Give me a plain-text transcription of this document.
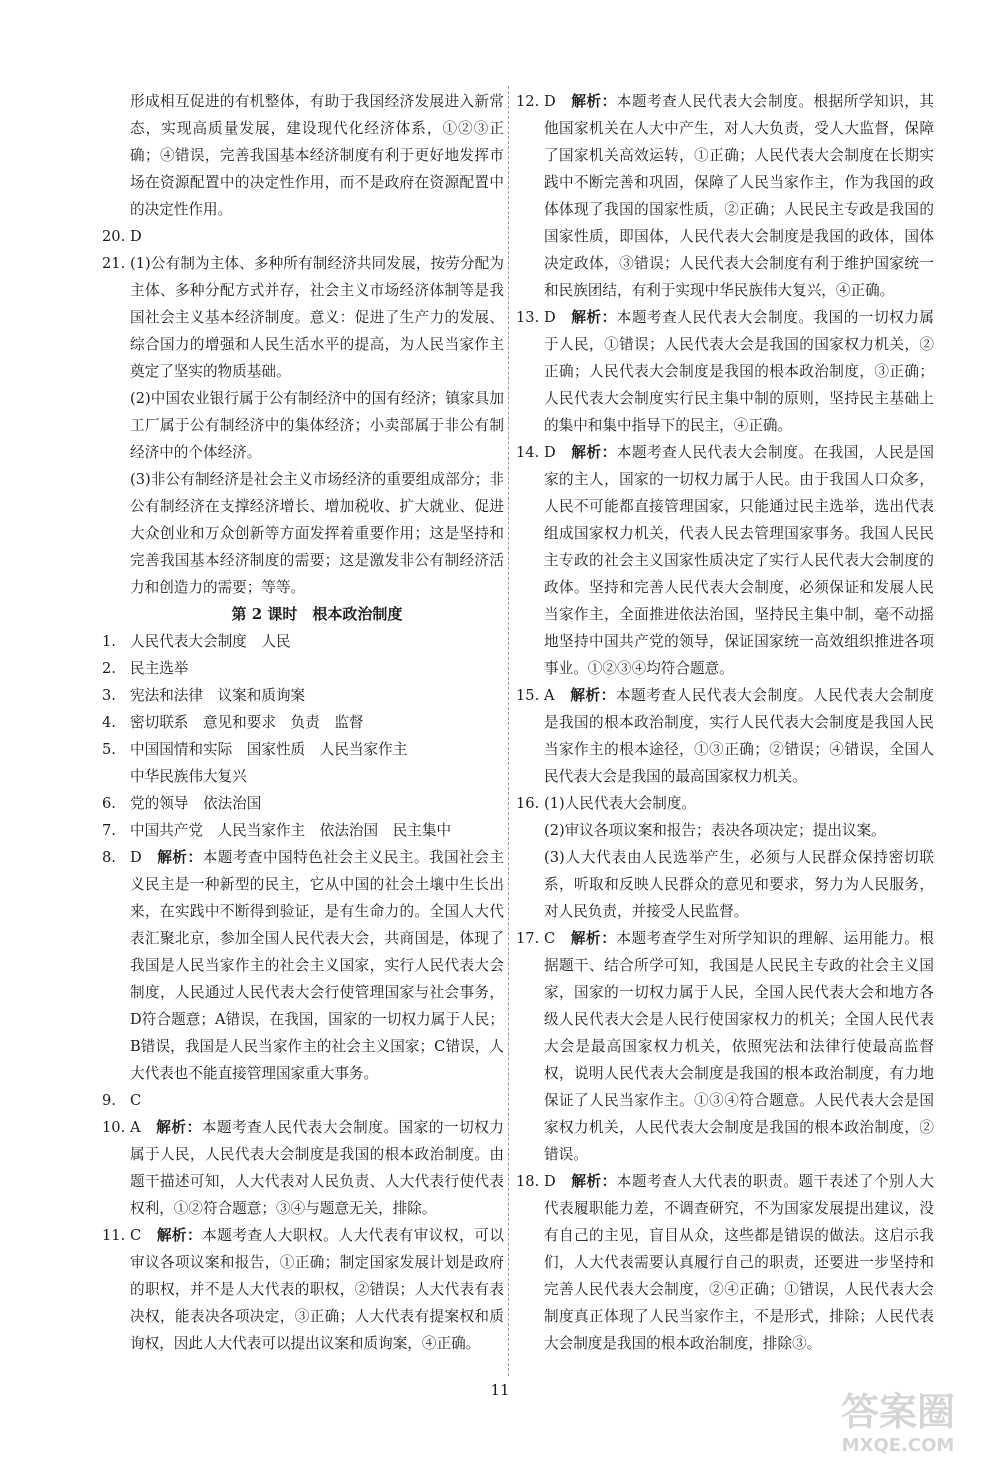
形成相互促进的有机整体，有助于我国经济发展进入新常态，实现高质量发展，建设现代化经济体系，①②③正确；④错误，完善我国基本经济制度有利于更好地发挥市场在资源配置中的决定性作用，而不是政府在资源配置中的决定性作用。
20. D
21. (1)公有制为主体、多种所有制经济共同发展，按劳分配为主体、多种分配方式并存，社会主义市场经济体制等是我国社会主义基本经济制度。意义：促进了生产力的发展、综合国力的增强和人民生活水平的提高，为人民当家作主奠定了坚实的物质基础。
(2)中国农业银行属于公有制经济中的国有经济；镇家具加工厂属于公有制经济中的集体经济；小卖部属于非公有制经济中的个体经济。
(3)非公有制经济是社会主义市场经济的重要组成部分；非公有制经济在支撑经济增长、增加税收、扩大就业、促进大众创业和万众创新等方面发挥着重要作用；这是坚持和完善我国基本经济制度的需要；这是激发非公有制经济活力和创造力的需要；等等。
第 2 课时　根本政治制度
1. 人民代表大会制度　人民
2. 民主选举
3. 宪法和法律　议案和质询案
4. 密切联系　意见和要求　负责　监督
5. 中国国情和实际　国家性质　人民当家作主
中华民族伟大复兴
6. 党的领导　依法治国
7. 中国共产党　人民当家作主　依法治国　民主集中
8. D　 解析：本题考查中国特色社会主义民主。我国社会主义民主是一种新型的民主，它从中国的社会土壤中生长出来，在实践中不断得到验证，是有生命力的。全国人大代表汇聚北京，参加全国人民代表大会，共商国是，体现了我国是人民当家作主的社会主义国家，实行人民代表大会制度，人民通过人民代表大会行使管理国家与社会事务，D符合题意；A错误，在我国，国家的一切权力属于人民；B错误，我国是人民当家作主的社会主义国家；C错误，人大代表也不能直接管理国家重大事务。
9. C
10. A　 解析：本题考查人民代表大会制度。国家的一切权力属于人民，人民代表大会制度是我国的根本政治制度。由题干描述可知，人大代表对人民负责、人大代表行使代表权利，①②符合题意；③④与题意无关，排除。
11. C　 解析：本题考查人大职权。人大代表有审议权，可以审议各项议案和报告，①正确；制定国家发展计划是政府的职权，并不是人大代表的职权，②错误；人大代表有表决权，能表决各项决定，③正确；人大代表有提案权和质询权，因此人大代表可以提出议案和质询案，④正确。
12. D　 解析：本题考查人民代表大会制度。根据所学知识，其他国家机关在人大中产生，对人大负责，受人大监督，保障了国家机关高效运转，①正确；人民代表大会制度在长期实践中不断完善和巩固，保障了人民当家作主，作为我国的政体体现了我国的国家性质，②正确；人民民主专政是我国的国家性质，即国体，人民代表大会制度是我国的政体，国体决定政体，③错误；人民代表大会制度有利于维护国家统一和民族团结，有利于实现中华民族伟大复兴，④正确。
13. D　 解析：本题考查人民代表大会制度。我国的一切权力属于人民，①错误；人民代表大会是我国的国家权力机关，②正确；人民代表大会制度是我国的根本政治制度，③正确；人民代表大会制度实行民主集中制的原则，坚持民主基础上的集中和集中指导下的民主，④正确。
14. D　 解析：本题考查人民代表大会制度。在我国，人民是国家的主人，国家的一切权力属于人民。由于我国人口众多，人民不可能都直接管理国家，只能通过民主选举，选出代表组成国家权力机关，代表人民去管理国家事务。我国人民民主专政的社会主义国家性质决定了实行人民代表大会制度的政体。坚持和完善人民代表大会制度，必须保证和发展人民当家作主，全面推进依法治国，坚持民主集中制，毫不动摇地坚持中国共产党的领导，保证国家统一高效组织推进各项事业。①②③④均符合题意。
15. A　 解析：本题考查人民代表大会制度。人民代表大会制度是我国的根本政治制度，实行人民代表大会制度是我国人民当家作主的根本途径，①③正确；②错误；④错误，全国人民代表大会是我国的最高国家权力机关。
16. (1)人民代表大会制度。
(2)审议各项议案和报告；表决各项决定；提出议案。
(3)人大代表由人民选举产生，必须与人民群众保持密切联系，听取和反映人民群众的意见和要求，努力为人民服务，对人民负责，并接受人民监督。
17. C　 解析：本题考查学生对所学知识的理解、运用能力。根据题干、结合所学可知，我国是人民民主专政的社会主义国家，国家的一切权力属于人民，全国人民代表大会和地方各级人民代表大会是人民行使国家权力的机关；全国人民代表大会是最高国家权力机关，依照宪法和法律行使最高监督权，说明人民代表大会制度是我国的根本政治制度，有力地保证了人民当家作主。①③④符合题意。人民代表大会是国家权力机关，人民代表大会制度是我国的根本政治制度，②错误。
18. D　 解析：本题考查人大代表的职责。题干表述了个别人大代表履职能力差，不调查研究，不为国家发展提出建议，没有自己的主见，盲目从众，这些都是错误的做法。这启示我们，人大代表需要认真履行自己的职责，还要进一步坚持和完善人民代表大会制度，②④正确；①错误，人民代表大会制度真正体现了人民当家作主，不是形式，排除；人民代表大会制度是我国的根本政治制度，排除③。
11	答案圈
MXQE.COM
